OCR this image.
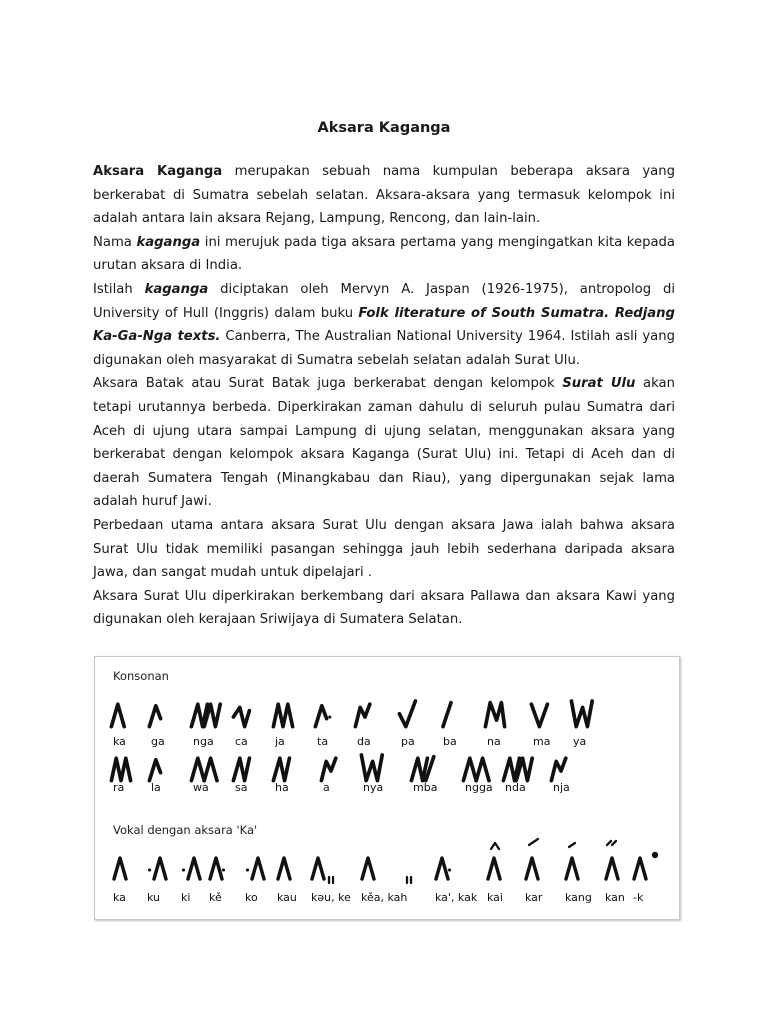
Aksara Kaganga

Aksara Kaganga merupakan sebuah nama kumpulan beberapa aksara yang berkerabat di Sumatra sebelah selatan. Aksara-aksara yang termasuk kelompok ini adalah antara lain aksara Rejang, Lampung, Rencong, dan lain-lain.

Nama kaganga ini merujuk pada tiga aksara pertama yang mengingatkan kita kepada urutan aksara di India.

Istilah kaganga diciptakan oleh Mervyn A. Jaspan (1926-1975), antropolog di University of Hull (Inggris) dalam buku Folk literature of South Sumatra. Redjang Ka-Ga-Nga texts. Canberra, The Australian National University 1964. Istilah asli yang digunakan oleh masyarakat di Sumatra sebelah selatan adalah Surat Ulu.

Aksara Batak atau Surat Batak juga berkerabat dengan kelompok Surat Ulu akan tetapi urutannya berbeda. Diperkirakan zaman dahulu di seluruh pulau Sumatra dari Aceh di ujung utara sampai Lampung di ujung selatan, menggunakan aksara yang berkerabat dengan kelompok aksara Kaganga (Surat Ulu) ini. Tetapi di Aceh dan di daerah Sumatera Tengah (Minangkabau dan Riau), yang dipergunakan sejak lama adalah huruf Jawi.

Perbedaan utama antara aksara Surat Ulu dengan aksara Jawa ialah bahwa aksara Surat Ulu tidak memiliki pasangan sehingga jauh lebih sederhana daripada aksara Jawa, dan sangat mudah untuk dipelajari .

Aksara Surat Ulu diperkirakan berkembang dari aksara Pallawa dan aksara Kawi yang digunakan oleh kerajaan Sriwijaya di Sumatera Selatan.

Konsonan
Vokal dengan aksara 'Ka'
ka ga	nga ca ja	ta	da	pa	ba	na	ma ya
ra la	wa sa	ha	a	nya	mba	ngga nda nja
ka ku ki kě ko kau kəu, ke kěa, kah	ka', kak kai kar kang kan -k
